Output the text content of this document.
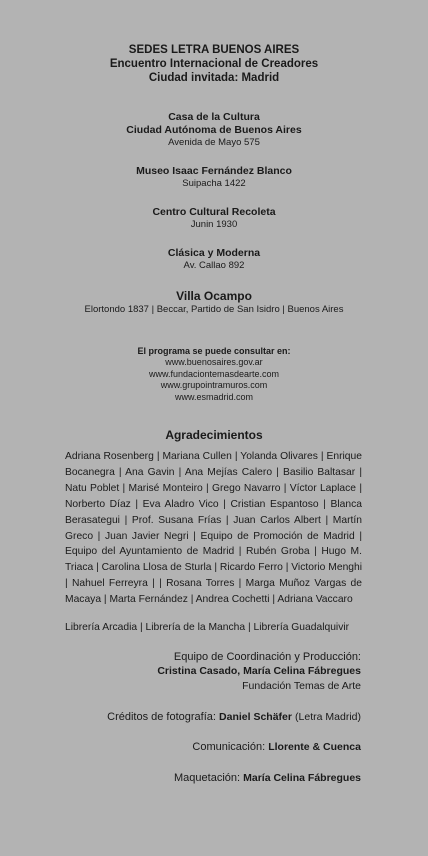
SEDES LETRA BUENOS AIRES
Encuentro Internacional de Creadores
Ciudad invitada: Madrid
Casa de la Cultura
Ciudad Autónoma de Buenos Aires
Avenida de Mayo 575
Museo Isaac Fernández Blanco
Suipacha 1422
Centro Cultural Recoleta
Junin 1930
Clásica y Moderna
Av. Callao 892
Villa Ocampo
Elortondo 1837 | Beccar, Partido de San Isidro | Buenos Aires
El programa se puede consultar en:
www.buenosaires.gov.ar
www.fundaciontemasdearte.com
www.grupointramuros.com
www.esmadrid.com
Agradecimientos
Adriana Rosenberg | Mariana Cullen | Yolanda Olivares | Enrique
Bocanegra | Ana Gavin | Ana Mejías Calero | Basilio Baltasar |
Natu Poblet | Marisé Monteiro | Grego Navarro | Víctor Laplace |
Norberto Díaz | Eva Aladro Vico | Cristian Espantoso | Blanca
Berasategui | Prof. Susana Frías | Juan Carlos Albert | Martín
Greco | Juan Javier Negri | Equipo de Promoción de Madrid |
Equipo del Ayuntamiento de Madrid | Rubén Groba | Hugo M.
Triaca | Carolina Llosa de Sturla | Ricardo Ferro | Victorio Menghi
| Nahuel Ferreyra | | Rosana Torres | Marga Muñoz Vargas de
Macaya | Marta Fernández | Andrea Cochetti | Adriana Vaccaro
Librería Arcadia | Librería de la Mancha | Librería Guadalquivir
Equipo de Coordinación y Producción:
Cristina Casado, María Celina Fábregues
Fundación Temas de Arte
Créditos de fotografía: Daniel Schäfer (Letra Madrid)
Comunicación: Llorente & Cuenca
Maquetación: María Celina Fábregues
